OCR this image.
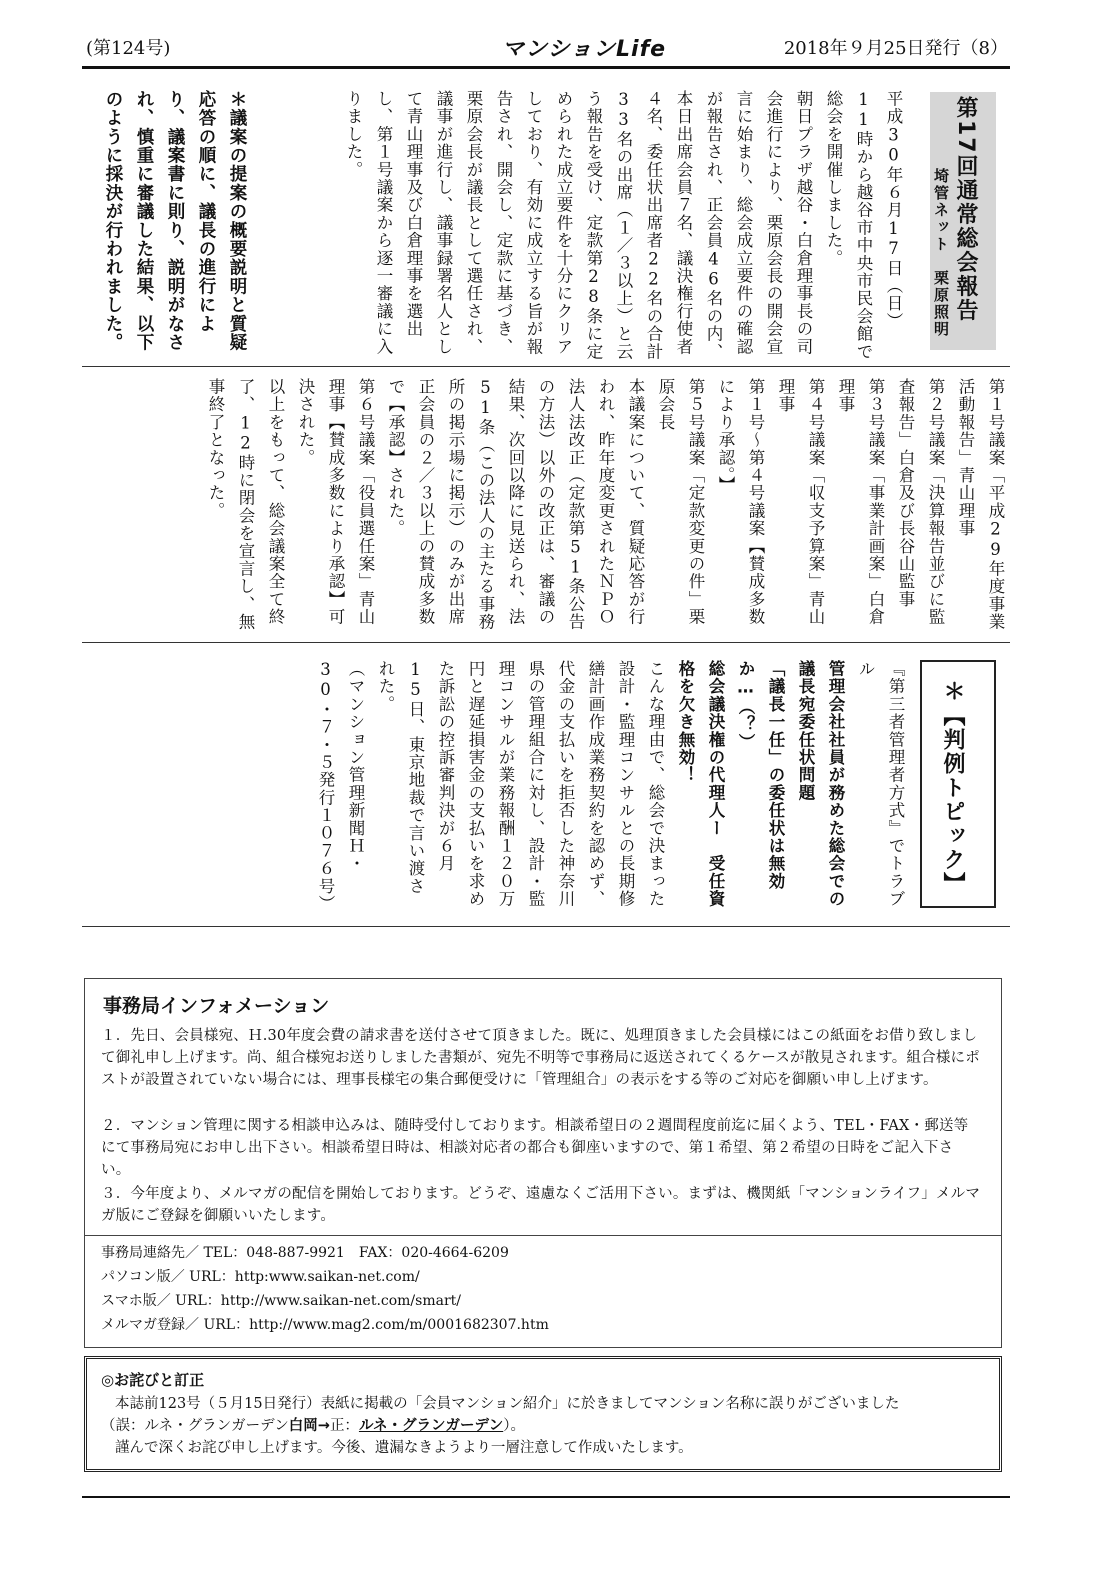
(第124号)	マンションLife	2018年９月25日発行（8）
第17回通常総会報告
埼管ネット　栗原照明

平成30年６月17日（日）11時から越谷市中央市民会館で総会を開催しました。

朝日プラザ越谷・白倉理事長の司会進行により、栗原会長の開会宣言に始まり、総会成立要件の確認が報告され、正会員46名の内、本日出席会員７名、議決権行使者４名、委任状出席者22名の合計33名の出席（１／３以上）と云う報告を受け、定款第28条に定められた成立要件を十分にクリアしており、有効に成立する旨が報告され、開会し、定款に基づき、栗原会長が議長として選任され、議事が進行し、議事録署名人として青山理事及び白倉理事を選出し、第１号議案から逐一審議に入りました。

＊議案の提案の概要説明と質疑応答の順に、議長の進行により、議案書に則り、説明がなされ、慎重に審議した結果、以下のように採決が行われました。

第１号議案「平成29年度事業活動報告」青山理事

第２号議案「決算報告並びに監査報告」白倉及び長谷山監事

第３号議案「事業計画案」白倉理事

第４号議案「収支予算案」青山理事

第１号〜第４号議案【賛成多数により承認。】

第５号議案「定款変更の件」栗原会長

本議案について、質疑応答が行われ、昨年度変更されたＮＰＯ法人法改正（定款第51条公告の方法）以外の改正は、審議の結果、次回以降に見送られ、法51条（この法人の主たる事務所の掲示場に掲示）のみが出席正会員の２／３以上の賛成多数で【承認】された。

第６号議案「役員選任案」青山理事【賛成多数により承認】可決された。

以上をもって、総会議案全て終了、12時に閉会を宣言し、無事終了となった。

＊【判例トピック】

『第三者管理者方式』でトラブル

管理会社社員が務めた総会での議長宛委任状問題

「議長一任」の委任状は無効か…（？）

総会議決権の代理人ー　受任資格を欠き無効！

こんな理由で、総会で決まった設計・監理コンサルとの長期修繕計画作成業務契約を認めず、代金の支払いを拒否した神奈川県の管理組合に対し、設計・監理コンサルが業務報酬１２０万円と遅延損害金の支払いを求めた訴訟の控訴審判決が６月15日、東京地裁で言い渡された。

（マンション管理新聞Ｈ・30・７・５発行１０７６号）

事務局インフォメーション

１．先日、会員様宛、Ｈ.30年度会費の請求書を送付させて頂きました。既に、処理頂きました会員様にはこの紙面をお借り致しまして御礼申し上げます。尚、組合様宛お送りしました書類が、宛先不明等で事務局に返送されてくるケースが散見されます。組合様にポストが設置されていない場合には、理事長様宅の集合郵便受けに「管理組合」の表示をする等のご対応を御願い申し上げます。

２．マンション管理に関する相談申込みは、随時受付しております。相談希望日の２週間程度前迄に届くよう、TEL・FAX・郵送等にて事務局宛にお申し出下さい。相談希望日時は、相談対応者の都合も御座いますので、第１希望、第２希望の日時をご記入下さい。

３．今年度より、メルマガの配信を開始しております。どうぞ、遠慮なくご活用下さい。まずは、機関紙「マンションライフ」メルマガ版にご登録を御願いいたします。

事務局連絡先／ TEL：048-887-9921　FAX：020-4664-6209

パソコン版／ URL：http:www.saikan-net.com/

スマホ版／ URL：http://www.saikan-net.com/smart/

メルマガ登録／ URL：http://www.mag2.com/m/0001682307.htm

◎お詫びと訂正

本誌前123号（５月15日発行）表紙に掲載の「会員マンション紹介」に於きましてマンション名称に誤りがございました

（誤：ルネ・グランガーデン白岡→正：ルネ・グランガーデン）。

謹んで深くお詫び申し上げます。今後、遺漏なきようより一層注意して作成いたします。
